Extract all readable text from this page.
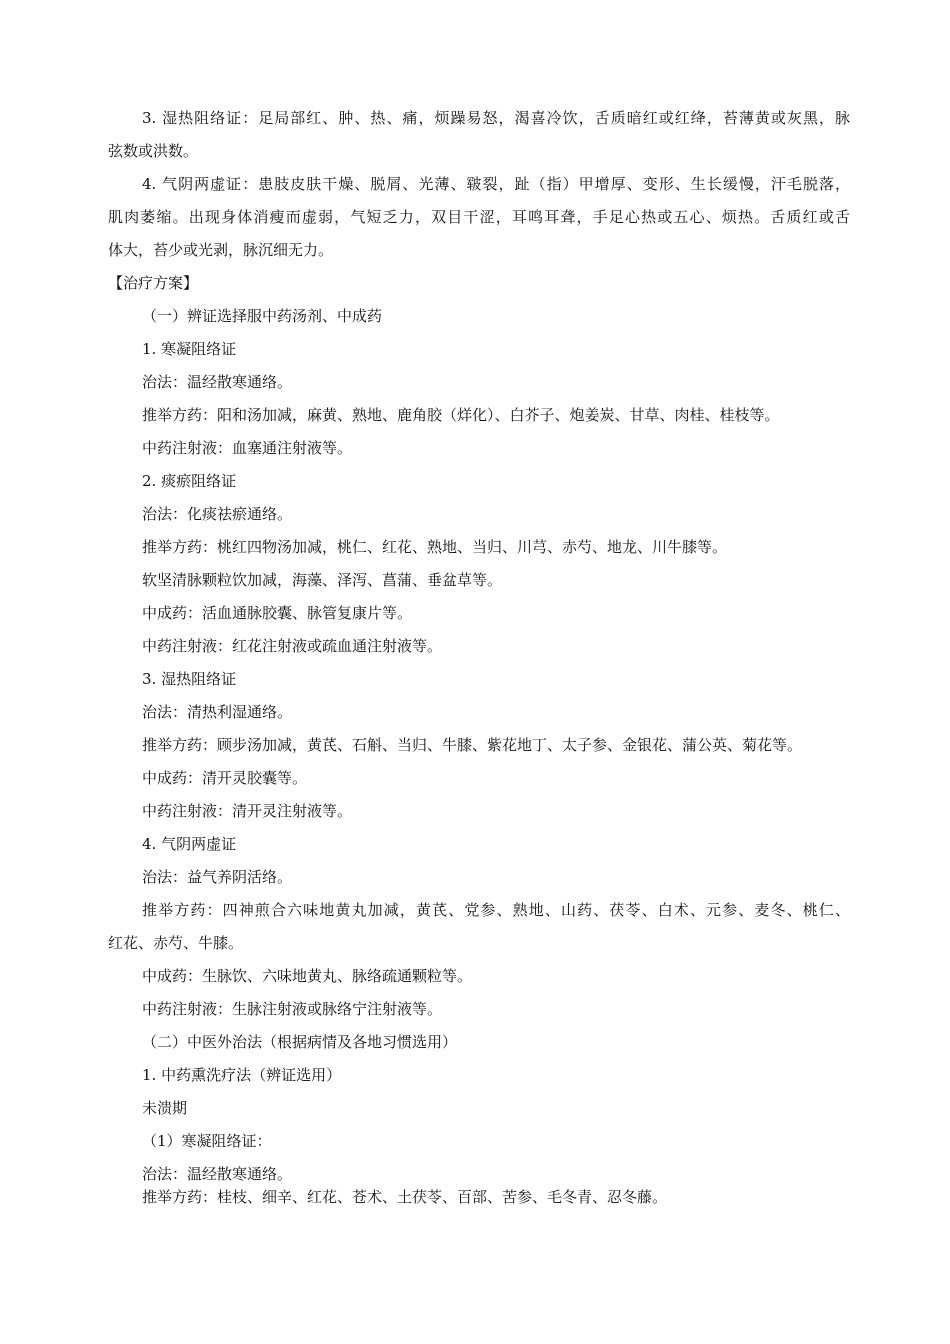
3. 湿热阻络证：足局部红、肿、热、痛，烦躁易怒，渴喜冷饮，舌质暗红或红绛，苔薄黄或灰黑，脉
弦数或洪数。
4. 气阴两虚证：患肢皮肤干燥、脱屑、光薄、皲裂，趾（指）甲增厚、变形、生长缓慢，汗毛脱落，
肌肉萎缩。出现身体消瘦而虚弱，气短乏力，双目干涩，耳鸣耳聋，手足心热或五心、烦热。舌质红或舌
体大，苔少或光剥，脉沉细无力。
【治疗方案】
（一）辨证选择服中药汤剂、中成药
1. 寒凝阻络证
治法：温经散寒通络。
推举方药：阳和汤加减，麻黄、熟地、鹿角胶（烊化）、白芥子、炮姜炭、甘草、肉桂、桂枝等。
中药注射液：血塞通注射液等。
2. 痰瘀阻络证
治法：化痰祛瘀通络。
推举方药：桃红四物汤加减，桃仁、红花、熟地、当归、川芎、赤芍、地龙、川牛膝等。
软坚清脉颗粒饮加减，海藻、泽泻、菖蒲、垂盆草等。
中成药：活血通脉胶囊、脉管复康片等。
中药注射液：红花注射液或疏血通注射液等。
3. 湿热阻络证
治法：清热利湿通络。
推举方药：顾步汤加减，黄芪、石斛、当归、牛膝、紫花地丁、太子参、金银花、蒲公英、菊花等。
中成药：清开灵胶囊等。
中药注射液：清开灵注射液等。
4. 气阴两虚证
治法：益气养阴活络。
推举方药：四神煎合六味地黄丸加减，黄芪、党参、熟地、山药、茯苓、白术、元参、麦冬、桃仁、
红花、赤芍、牛膝。
中成药：生脉饮、六味地黄丸、脉络疏通颗粒等。
中药注射液：生脉注射液或脉络宁注射液等。
（二）中医外治法（根据病情及各地习惯选用）
1. 中药熏洗疗法（辨证选用）
未溃期
（1）寒凝阻络证：
治法：温经散寒通络。
推举方药：桂枝、细辛、红花、苍术、土茯苓、百部、苦参、毛冬青、忍冬藤。
